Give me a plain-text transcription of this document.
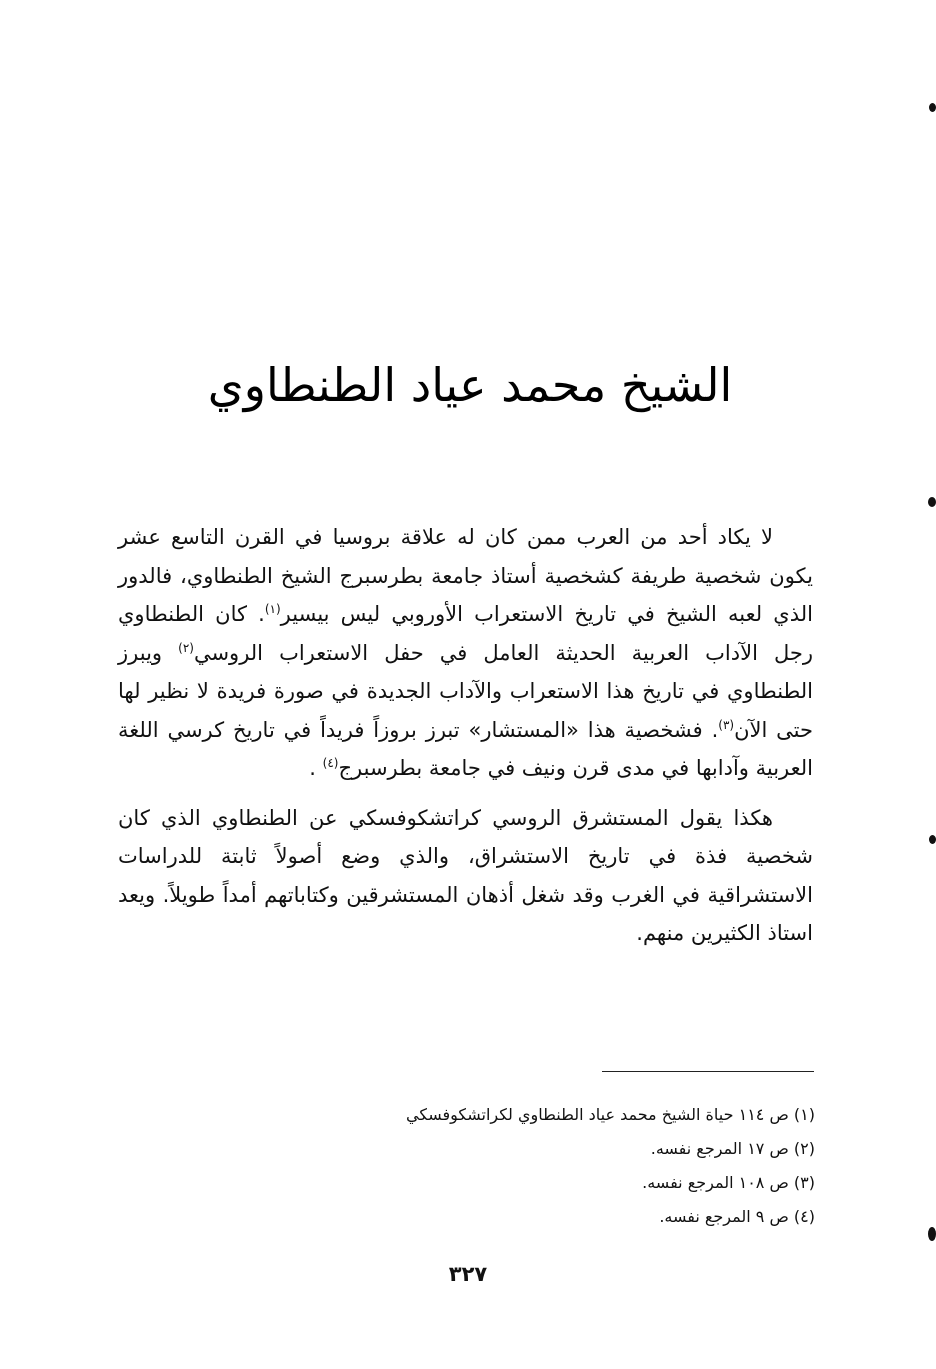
الشيخ محمد عياد الطنطاوي

لا يكاد أحد من العرب ممن كان له علاقة بروسيا في القرن التاسع عشر يكون شخصية طريفة كشخصية أستاذ جامعة بطرسبرج الشيخ الطنطاوي، فالدور الذي لعبه الشيخ في تاريخ الاستعراب الأوروبي ليس بيسير$^{(١)}$. كان الطنطاوي رجل الآداب العربية الحديثة العامل في حفل الاستعراب الروسي$^{(٢)}$ ويبرز الطنطاوي في تاريخ هذا الاستعراب والآداب الجديدة في صورة فريدة لا نظير لها حتى الآن$^{(٣)}$. فشخصية هذا «المستشار» تبرز بروزاً فريداً في تاريخ كرسي اللغة العربية وآدابها في مدى قرن ونيف في جامعة بطرسبرج$^{(٤)}$ .

هكذا يقول المستشرق الروسي كراتشكوفسكي عن الطنطاوي الذي كان شخصية فذة في تاريخ الاستشراق، والذي وضع أصولاً ثابتة للدراسات الاستشراقية في الغرب وقد شغل أذهان المستشرقين وكتاباتهم أمداً طويلاً. ويعد استاذ الكثيرين منهم.

(١) ص ١١٤ حياة الشيخ محمد عياد الطنطاوي لكراتشكوفسكي
(٢) ص ١٧ المرجع نفسه.
(٣) ص ١٠٨ المرجع نفسه.
(٤) ص ٩ المرجع نفسه.
٣٢٧
